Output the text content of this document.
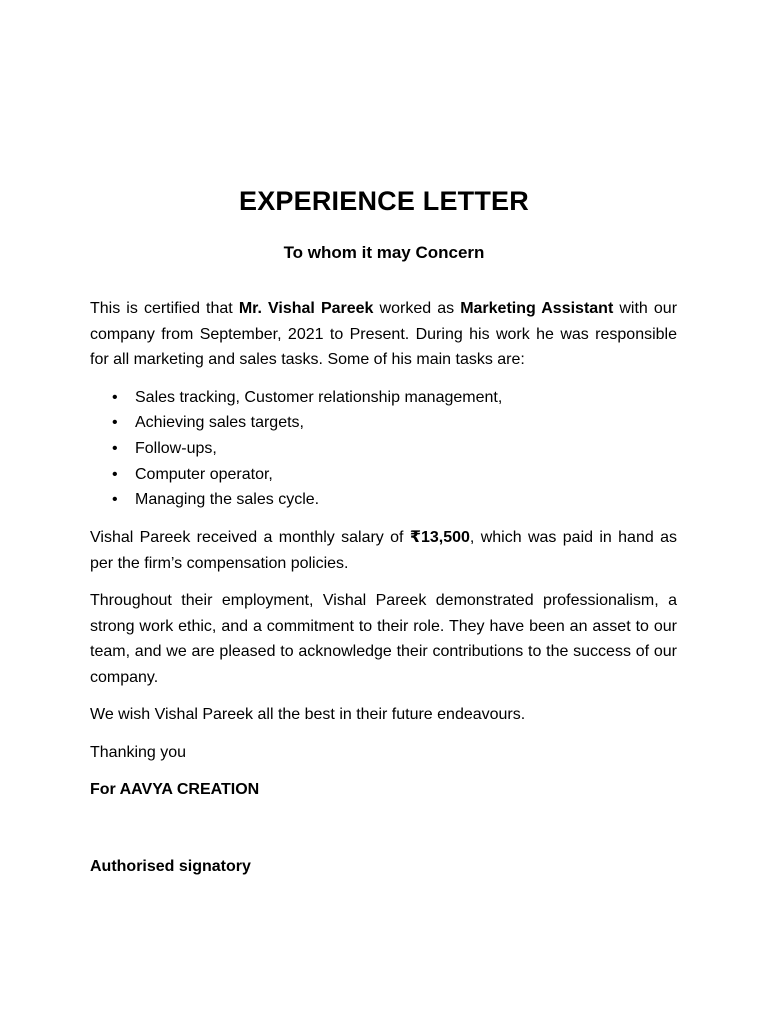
EXPERIENCE LETTER
To whom it may Concern

This is certified that Mr. Vishal Pareek worked as Marketing Assistant with our company from September, 2021 to Present. During his work he was responsible for all marketing and sales tasks. Some of his main tasks are:

• Sales tracking, Customer relationship management,
• Achieving sales targets,
• Follow-ups,
• Computer operator,
• Managing the sales cycle.

Vishal Pareek received a monthly salary of ₹13,500, which was paid in hand as per the firm’s compensation policies.

Throughout their employment, Vishal Pareek demonstrated professionalism, a strong work ethic, and a commitment to their role. They have been an asset to our team, and we are pleased to acknowledge their contributions to the success of our company.

We wish Vishal Pareek all the best in their future endeavours.

Thanking you

For AAVYA CREATION

Authorised signatory
